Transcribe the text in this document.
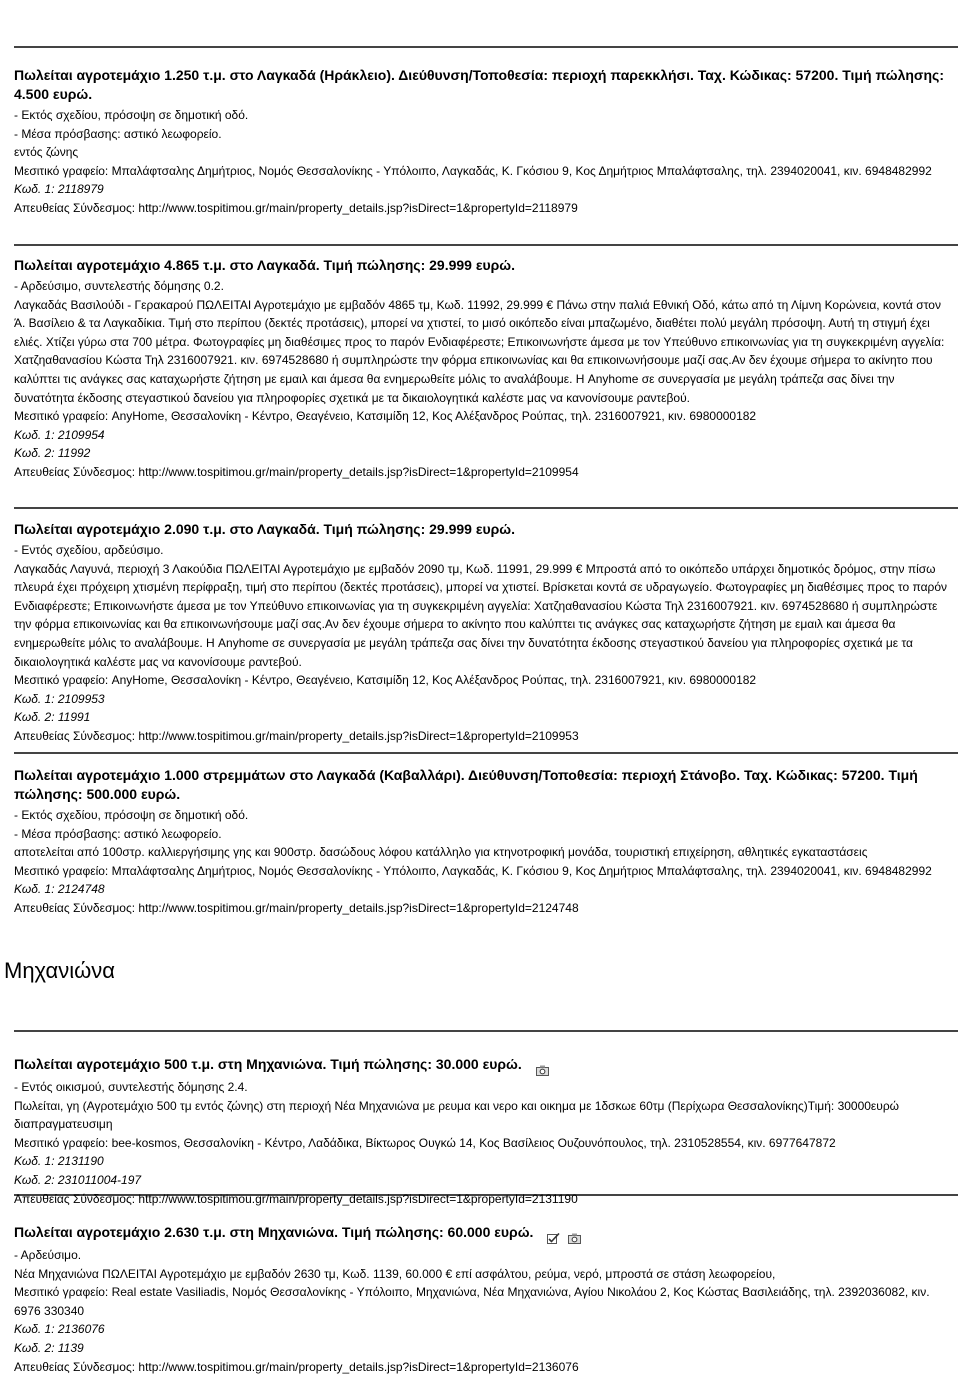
Πωλείται αγροτεμάχιο 1.250 τ.μ. στο Λαγκαδά (Ηράκλειο). Διεύθυνση/Τοποθεσία: περιοχή παρεκκλήσι. Ταχ. Κώδικας: 57200. Τιμή πώλησης: 4.500 ευρώ.

- Εκτός σχεδίου, πρόσοψη σε δημοτική οδό.

- Μέσα πρόσβασης: αστικό λεωφορείο.

εντός ζώνης

Μεσιτικό γραφείο: Μπαλάφτσαλης Δημήτριος, Νομός Θεσσαλονίκης - Υπόλοιπο, Λαγκαδάς, Κ. Γκόσιου 9, Κος Δημήτριος Μπαλάφτσαλης, τηλ. 2394020041, κιν. 6948482992

Κωδ. 1: 2118979

Απευθείας Σύνδεσμος: http://www.tospitimou.gr/main/property_details.jsp?isDirect=1&propertyId=2118979

Πωλείται αγροτεμάχιο 4.865 τ.μ. στο Λαγκαδά. Τιμή πώλησης: 29.999 ευρώ.

- Αρδεύσιμο, συντελεστής δόμησης 0.2.

Λαγκαδάς Βασιλούδι - Γερακαρού ΠΩΛΕΙΤΑΙ Αγροτεμάχιο με εμβαδόν 4865 τμ, Κωδ. 11992, 29.999 € Πάνω στην παλιά Εθνική Οδό, κάτω από τη Λίμνη Κορώνεια, κοντά στον Ά. Βασίλειο & τα Λαγκαδίκια. Τιμή στο περίπου (δεκτές προτάσεις), μπορεί να χτιστεί, το μισό οικόπεδο είναι μπαζωμένο, διαθέτει πολύ μεγάλη πρόσοψη. Αυτή τη στιγμή έχει ελιές. Χτίζει γύρω στα 700 μέτρα. Φωτογραφίες μη διαθέσιμες προς το παρόν Ενδιαφέρεστε; Επικοινωνήστε άμεσα με τον Υπεύθυνο επικοινωνίας για τη συγκεκριμένη αγγελία: Χατζηαθανασίου Κώστα Τηλ 2316007921. κιν. 6974528680 ή συμπληρώστε την φόρμα επικοινωνίας και θα επικοινωνήσουμε μαζί σας.Αν δεν έχουμε σήμερα το ακίνητο που καλύπτει τις ανάγκες σας καταχωρήστε ζήτηση με εμαιλ και άμεσα θα ενημερωθείτε μόλις το αναλάβουμε. Η Anyhome σε συνεργασία με μεγάλη τράπεζα σας δίνει την δυνατότητα έκδοσης στεγαστικού δανείου για πληροφορίες σχετικά με τα δικαιολογητικά καλέστε μας να κανονίσουμε ραντεβού.

Μεσιτικό γραφείο: AnyHome, Θεσσαλονίκη - Κέντρο, Θεαγένειο, Κατσιμίδη 12, Κος Αλέξανδρος Ρούπας, τηλ. 2316007921, κιν. 6980000182

Κωδ. 1: 2109954

Κωδ. 2: 11992

Απευθείας Σύνδεσμος: http://www.tospitimou.gr/main/property_details.jsp?isDirect=1&propertyId=2109954

Πωλείται αγροτεμάχιο 2.090 τ.μ. στο Λαγκαδά. Τιμή πώλησης: 29.999 ευρώ.

- Εντός σχεδίου, αρδεύσιμο.

Λαγκαδάς Λαγυνά, περιοχή 3 Λακούδια ΠΩΛΕΙΤΑΙ Αγροτεμάχιο με εμβαδόν 2090 τμ, Κωδ. 11991, 29.999 € Μπροστά από το οικόπεδο υπάρχει δημοτικός δρόμος, στην πίσω πλευρά έχει πρόχειρη χτισμένη περίφραξη, τιμή στο περίπου (δεκτές προτάσεις), μπορεί να χτιστεί. Βρίσκεται κοντά σε υδραγωγείο. Φωτογραφίες μη διαθέσιμες προς το παρόν Ενδιαφέρεστε; Επικοινωνήστε άμεσα με τον Υπεύθυνο επικοινωνίας για τη συγκεκριμένη αγγελία: Χατζηαθανασίου Κώστα Τηλ 2316007921. κιν. 6974528680 ή συμπληρώστε την φόρμα επικοινωνίας και θα επικοινωνήσουμε μαζί σας.Αν δεν έχουμε σήμερα το ακίνητο που καλύπτει τις ανάγκες σας καταχωρήστε ζήτηση με εμαιλ και άμεσα θα ενημερωθείτε μόλις το αναλάβουμε. Η Anyhome σε συνεργασία με μεγάλη τράπεζα σας δίνει την δυνατότητα έκδοσης στεγαστικού δανείου για πληροφορίες σχετικά με τα δικαιολογητικά καλέστε μας να κανονίσουμε ραντεβού.

Μεσιτικό γραφείο: AnyHome, Θεσσαλονίκη - Κέντρο, Θεαγένειο, Κατσιμίδη 12, Κος Αλέξανδρος Ρούπας, τηλ. 2316007921, κιν. 6980000182

Κωδ. 1: 2109953

Κωδ. 2: 11991

Απευθείας Σύνδεσμος: http://www.tospitimou.gr/main/property_details.jsp?isDirect=1&propertyId=2109953

Πωλείται αγροτεμάχιο 1.000 στρεμμάτων στο Λαγκαδά (Καβαλλάρι). Διεύθυνση/Τοποθεσία: περιοχή Στάνοβο. Ταχ. Κώδικας: 57200. Τιμή πώλησης: 500.000 ευρώ.

- Εκτός σχεδίου, πρόσοψη σε δημοτική οδό.

- Μέσα πρόσβασης: αστικό λεωφορείο.

αποτελείται από 100στρ. καλλιεργήσιμης γης και 900στρ. δασώδους λόφου κατάλληλο για κτηνοτροφική μονάδα, τουριστική επιχείρηση, αθλητικές εγκαταστάσεις

Μεσιτικό γραφείο: Μπαλάφτσαλης Δημήτριος, Νομός Θεσσαλονίκης - Υπόλοιπο, Λαγκαδάς, Κ. Γκόσιου 9, Κος Δημήτριος Μπαλάφτσαλης, τηλ. 2394020041, κιν. 6948482992

Κωδ. 1: 2124748

Απευθείας Σύνδεσμος: http://www.tospitimou.gr/main/property_details.jsp?isDirect=1&propertyId=2124748

Μηχανιώνα

Πωλείται αγροτεμάχιο 500 τ.μ. στη Μηχανιώνα. Τιμή πώλησης: 30.000 ευρώ.

- Εντός οικισμού, συντελεστής δόμησης 2.4.

Πωλείται, γη (Αγροτεμάχιο 500 τμ εντός ζώνης) στη περιοχή Νέα Μηχανιώνα με ρευμα και νερο και οικημα με 1δσκωε 60τμ (Περίχωρα Θεσσαλονίκης)Τιμή: 30000ευρώ διαπραγματευσιμη

Μεσιτικό γραφείο: bee-kosmos, Θεσσαλονίκη - Κέντρο, Λαδάδικα, Βίκτωρος Ουγκώ 14, Κος Βασίλειος Ουζουνόπουλος, τηλ. 2310528554, κιν. 6977647872

Κωδ. 1: 2131190

Κωδ. 2: 231011004-197

Απευθείας Σύνδεσμος: http://www.tospitimou.gr/main/property_details.jsp?isDirect=1&propertyId=2131190

Πωλείται αγροτεμάχιο 2.630 τ.μ. στη Μηχανιώνα. Τιμή πώλησης: 60.000 ευρώ.

- Αρδεύσιμο.

Νέα Μηχανιώνα ΠΩΛΕΙΤΑΙ Αγροτεμάχιο με εμβαδόν 2630 τμ, Κωδ. 1139, 60.000 € επί ασφάλτου, ρεύμα, νερό, μπροστά σε στάση λεωφορείου,

Μεσιτικό γραφείο: Real estate Vasiliadis, Νομός Θεσσαλονίκης - Υπόλοιπο, Μηχανιώνα, Νέα Μηχανιώνα, Αγίου Νικολάου 2, Κος Κώστας Βασιλειάδης, τηλ. 2392036082, κιν. 6976 330340

Κωδ. 1: 2136076

Κωδ. 2: 1139

Απευθείας Σύνδεσμος: http://www.tospitimou.gr/main/property_details.jsp?isDirect=1&propertyId=2136076
